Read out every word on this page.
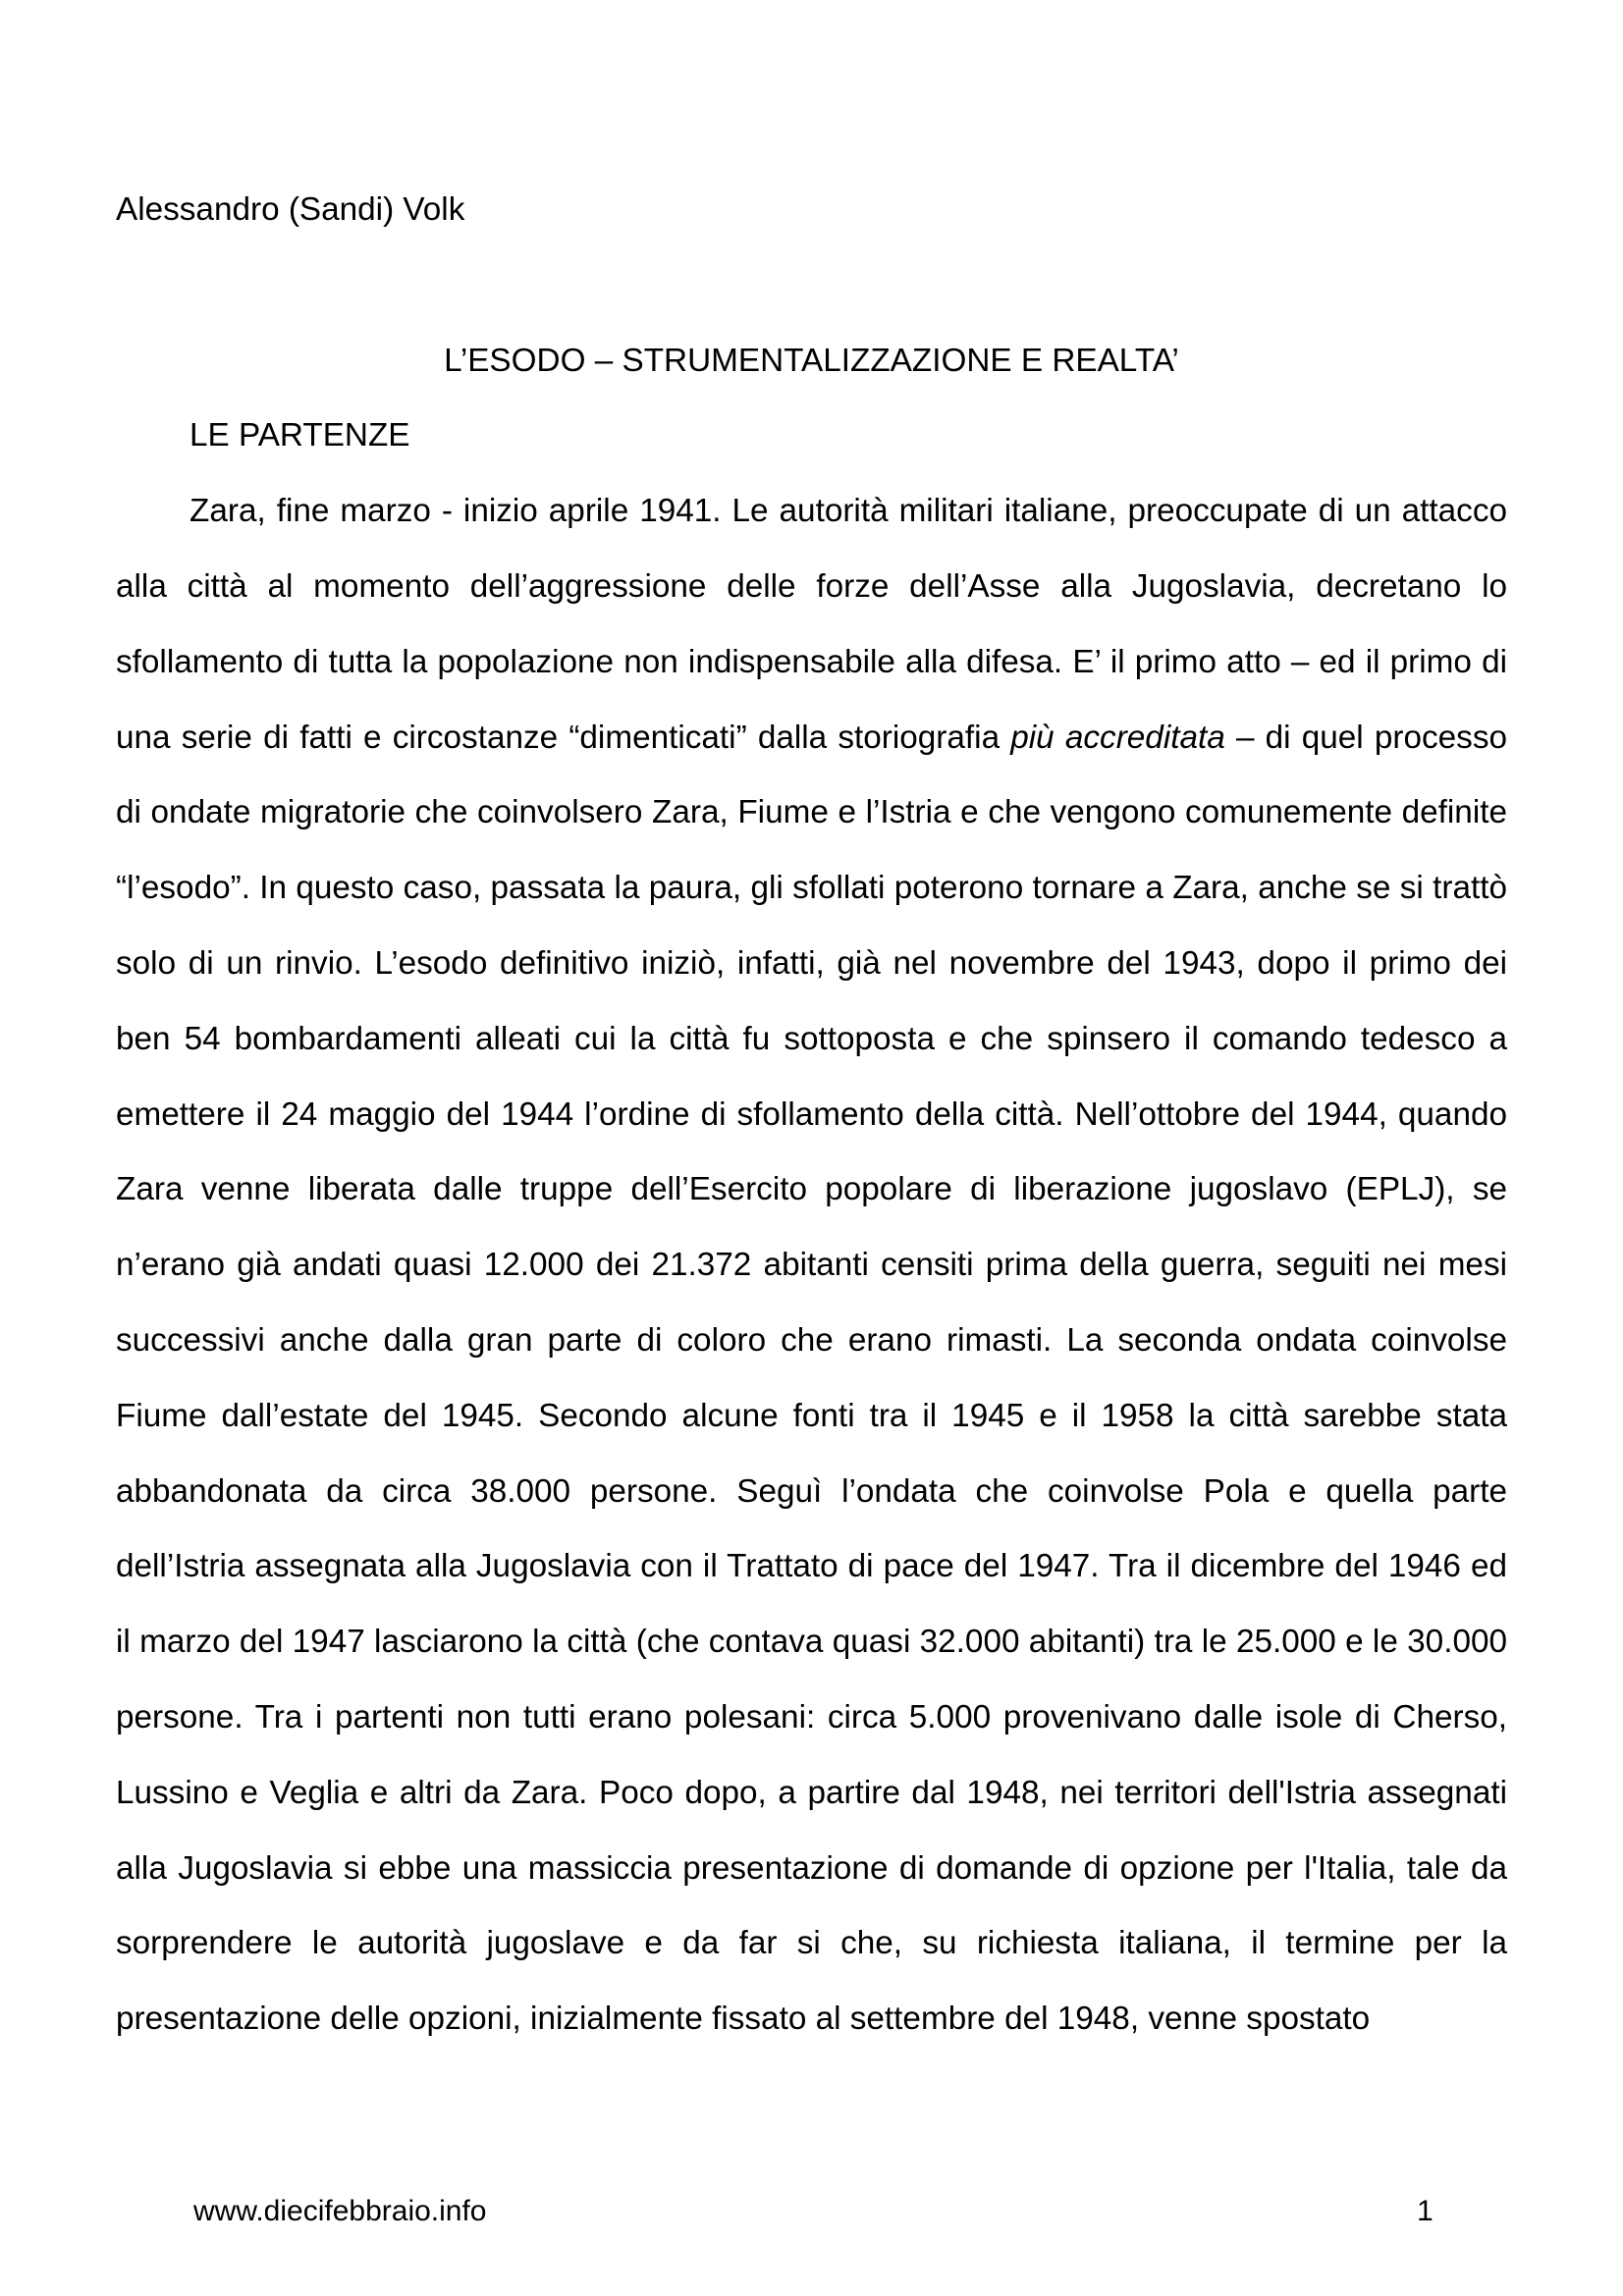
Alessandro (Sandi) Volk

L’ESODO – STRUMENTALIZZAZIONE E REALTA’

LE PARTENZE

Zara, fine marzo - inizio aprile 1941. Le autorità militari italiane, preoccupate di un attacco alla città al momento dell’aggressione delle forze dell’Asse alla Jugoslavia, decretano lo sfollamento di tutta la popolazione non indispensabile alla difesa. E’ il primo atto – ed il primo di una serie di fatti e circostanze “dimenticati” dalla storiografia più accreditata – di quel processo di ondate migratorie che coinvolsero Zara, Fiume e l’Istria e che vengono comunemente definite “l’esodo”. In questo caso, passata la paura, gli sfollati poterono tornare a Zara, anche se si trattò solo di un rinvio. L’esodo definitivo iniziò, infatti, già nel novembre del 1943, dopo il primo dei ben 54 bombardamenti alleati cui la città fu sottoposta e che spinsero il comando tedesco a emettere il 24 maggio del 1944 l’ordine di sfollamento della città. Nell’ottobre del 1944, quando Zara venne liberata dalle truppe dell’Esercito popolare di liberazione jugoslavo (EPLJ), se n’erano già andati quasi 12.000 dei 21.372 abitanti censiti prima della guerra, seguiti nei mesi successivi anche dalla gran parte di coloro che erano rimasti. La seconda ondata coinvolse Fiume dall’estate del 1945. Secondo alcune fonti tra il 1945 e il 1958 la città sarebbe stata abbandonata da circa 38.000 persone. Seguì l’ondata che coinvolse Pola e quella parte dell’Istria assegnata alla Jugoslavia con il Trattato di pace del 1947. Tra il dicembre del 1946 ed il marzo del 1947 lasciarono la città (che contava quasi 32.000 abitanti) tra le 25.000 e le 30.000 persone. Tra i partenti non tutti erano polesani: circa 5.000 provenivano dalle isole di Cherso, Lussino e Veglia e altri da Zara. Poco dopo, a partire dal 1948, nei territori dell'Istria assegnati alla Jugoslavia si ebbe una massiccia presentazione di domande di opzione per l'Italia, tale da sorprendere le autorità jugoslave e da far si che, su richiesta italiana, il termine per la presentazione delle opzioni, inizialmente fissato al settembre del 1948, venne spostato

www.diecifebbraio.info	1
